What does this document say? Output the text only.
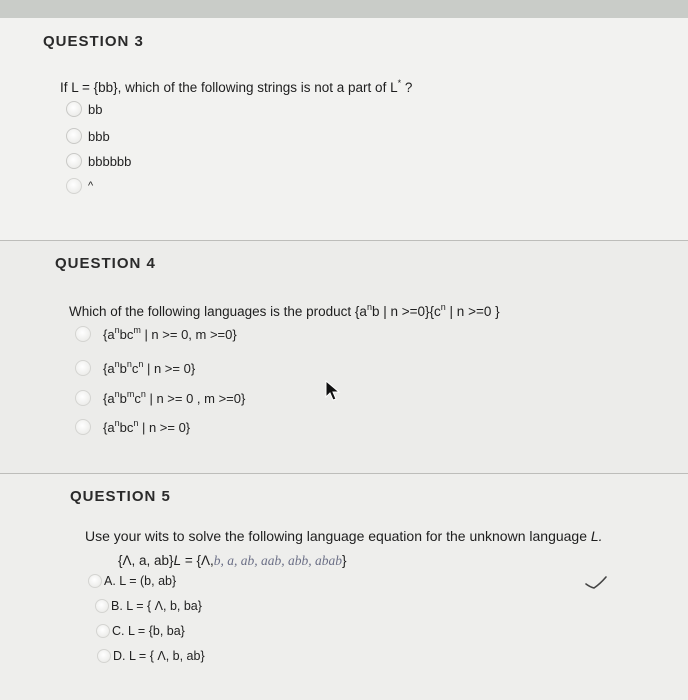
QUESTION 3
If L = {bb}, which of the following strings is not a part of L* ?
bb
bbb
bbbbbb
^
QUESTION 4
Which of the following languages is the product {$a^nb$ | $n >=0\}\{c^n$ | n >=0 }
{$a^nbc^m$ | n >= 0, m >=0}
{$a^nb^nc^n$ | n >= 0}
{$a^nb^mc^n$ | n >= 0 , m >=0}
{$a^nbc^n$ | n >= 0}
QUESTION 5
Use your wits to solve the following language equation for the unknown language L.
{Λ, a, ab}L = {Λ,b, a, ab, aab, abb, abab}
A. L = (b, ab}
B. L = { Λ, b, ba}
C. L = {b, ba}
D. L = { Λ, b, ab}
